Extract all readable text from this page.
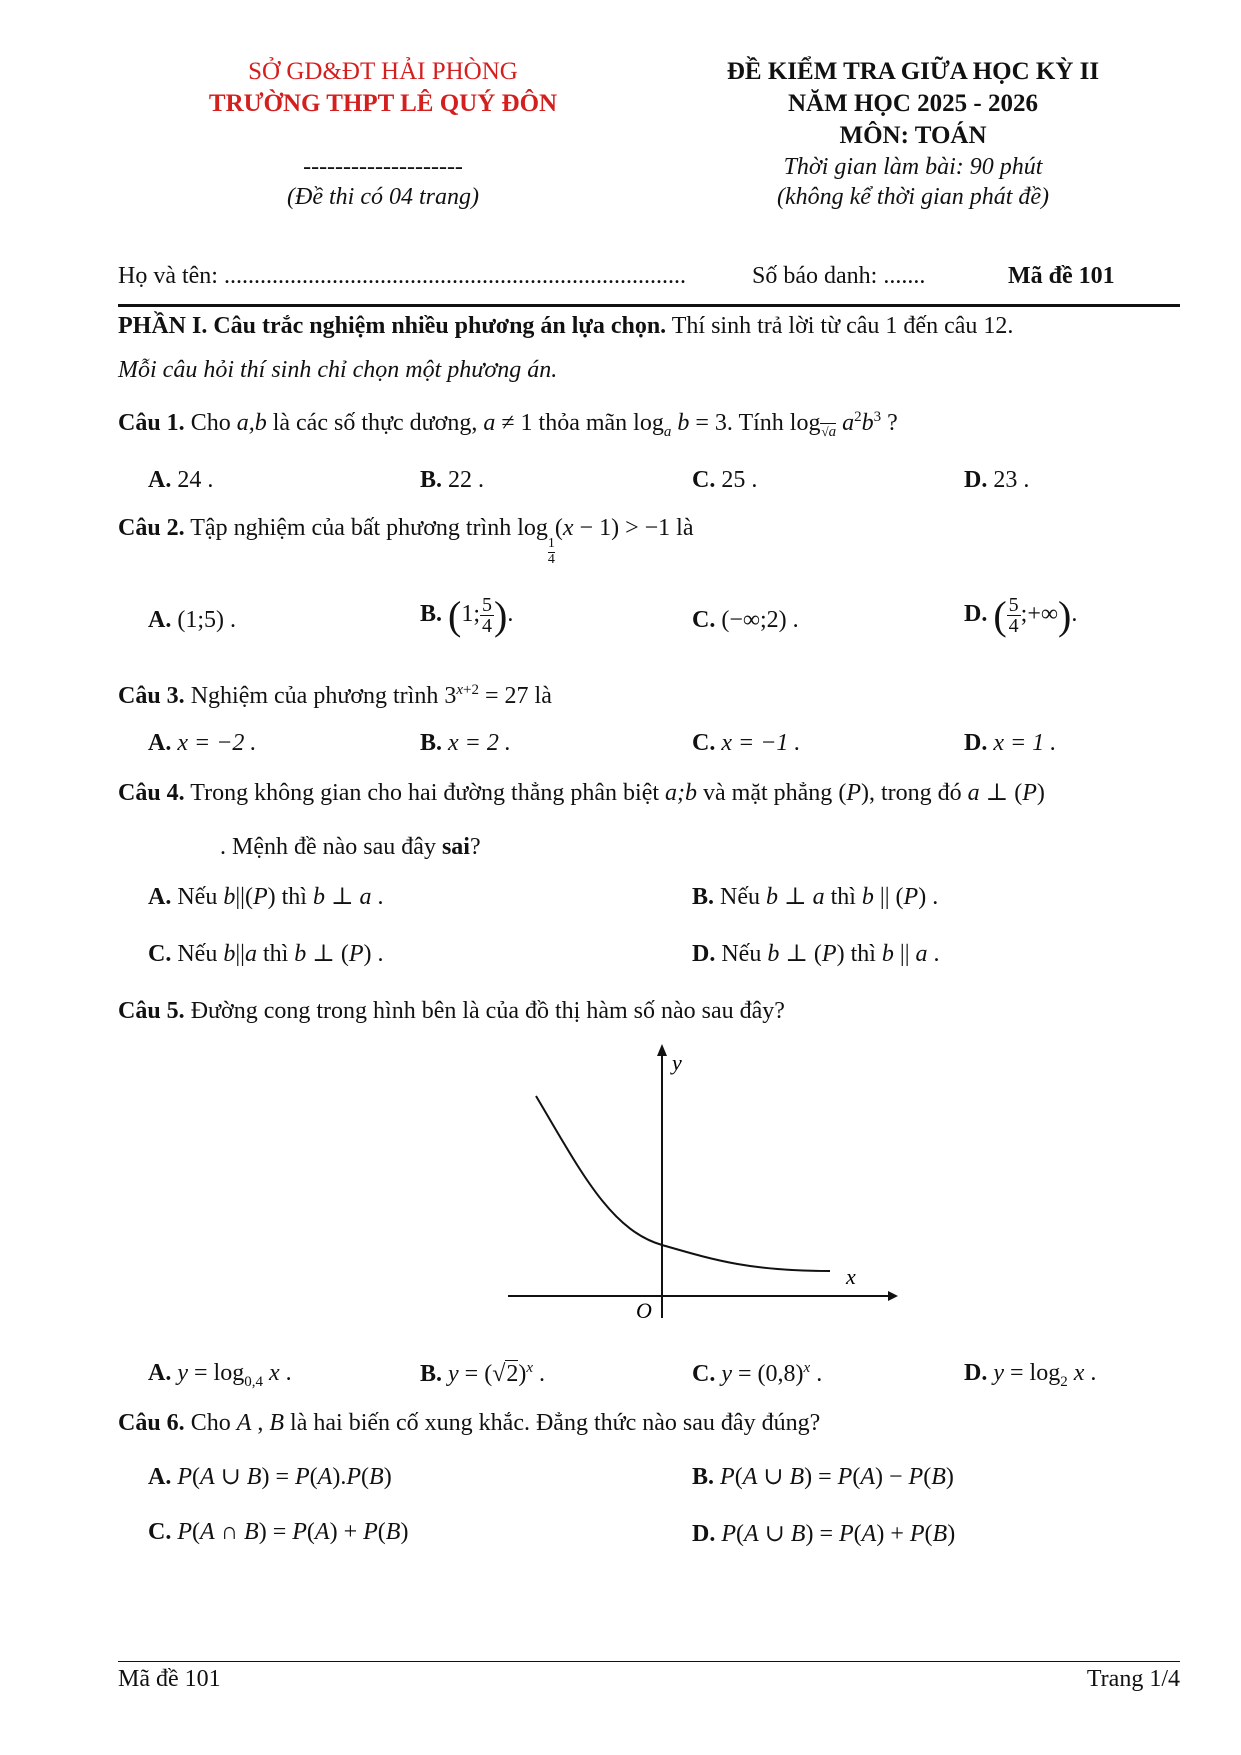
SỞ GD&ĐT HẢI PHÒNG
TRƯỜNG THPT LÊ QUÝ ĐÔN
--------------------
(Đề thi có 04 trang)
ĐỀ KIỂM TRA GIỮA HỌC KỲ II
NĂM HỌC 2025 - 2026
MÔN: TOÁN
Thời gian làm bài: 90 phút
(không kể thời gian phát đề)
Họ và tên: .............................................................................	Số báo danh: .......	Mã đề 101
PHẦN I. Câu trắc nghiệm nhiều phương án lựa chọn. Thí sinh trả lời từ câu 1 đến câu 12.
Mỗi câu hỏi thí sinh chỉ chọn một phương án.
Câu 1. Cho a,b là các số thực dương, a ≠ 1 thỏa mãn $\log_a b = 3$. Tính $\log_{√a} a^2b^3$ ?
A. 24 .	B. 22 .	C. 25 .	D. 23 .
Câu 2. Tập nghiệm của bất phương trình log
$\frac{1}{4}$
(x − 1) > −1 là
A. (1;5) .	B. (1; $\frac{5}{4}$ ).	C. (−∞;2) .	D. ( $\frac{5}{4}$ ;+∞).
Câu 3. Nghiệm của phương trình $3^{x+2} = 27$ là
A. x = −2 .	B. x = 2 .	C. x = −1 .	D. x = 1 .
Câu 4. Trong không gian cho hai đường thẳng phân biệt a;b và mặt phẳng (P), trong đó a ⊥ (P)
. Mệnh đề nào sau đây sai?
A. Nếu b||(P) thì b ⊥ a .	B. Nếu b ⊥ a thì b || (P) .
C. Nếu b||a thì b ⊥ (P) .	D. Nếu b ⊥ (P) thì b || a .
Câu 5. Đường cong trong hình bên là của đồ thị hàm số nào sau đây?
y
x
O
A. $y = \log_{0,4} x$ .	B. $y = (√2)^x$ .	C. $y = (0,8)^x$ .	D. $y = \log_2 x$ .
Câu 6. Cho A , B là hai biến cố xung khắc. Đẳng thức nào sau đây đúng?
A. P(A ∪ B) = P(A).P(B)	B. P(A ∪ B) = P(A) − P(B)
C. P(A ∩ B) = P(A) + P(B)	D. P(A ∪ B) = P(A) + P(B)
Mã đề 101	Trang 1/4
